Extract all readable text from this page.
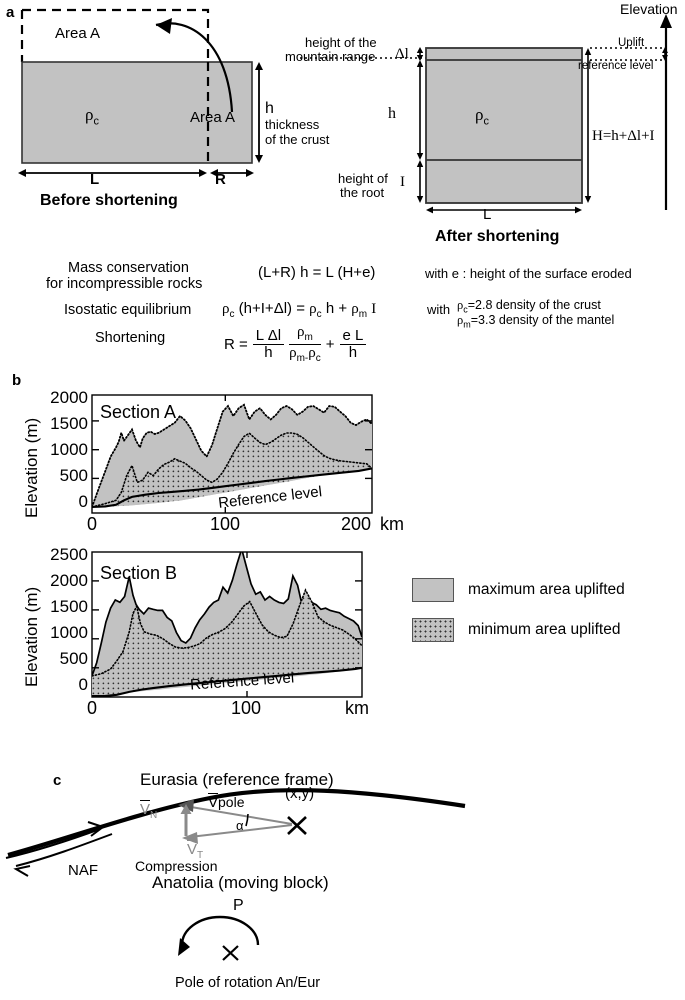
a
Area A
Area A
$\rho_c$
h
thickness
of the crust
L	R
Before shortening
height of the
mountain range Δl
h
H=h+Δl+I
height of
the root
I
$\rho_c$
L
After shortening
Uplift
reference level
Elevation
Mass conservation
for incompressible rocks
(L+R) h = L (H+e)	with e : height of the surface eroded
Isostatic equilibrium $\rho_c$ $(h+I+\Delta l) = \rho_c$ $h + \rho_m$ I	with $\rho_c=2.8$ density of the crust
$\rho_m=3.3$ density of the mantel
Shortening	$R = \frac{\text{L Δl}}{h} \frac{\rho_m}{\rho_{m-}\rho_c} + \frac{\text{e L}}{h}$
b
Elevation (m)
2000
1500
1000
500
0
Section A
Reference level
0	100	200 km
Elevation (m)
2500
2000
1500
1000
500
0
Section B
Reference level
0	100	km
maximum area uplifted
minimum area uplifted
c	Eurasia (reference frame)
Anatolia (moving block)
NAF	Compression
(x,y)
α
P
Pole of rotation An/Eur
Vpole
$V_N$
$V_T$
